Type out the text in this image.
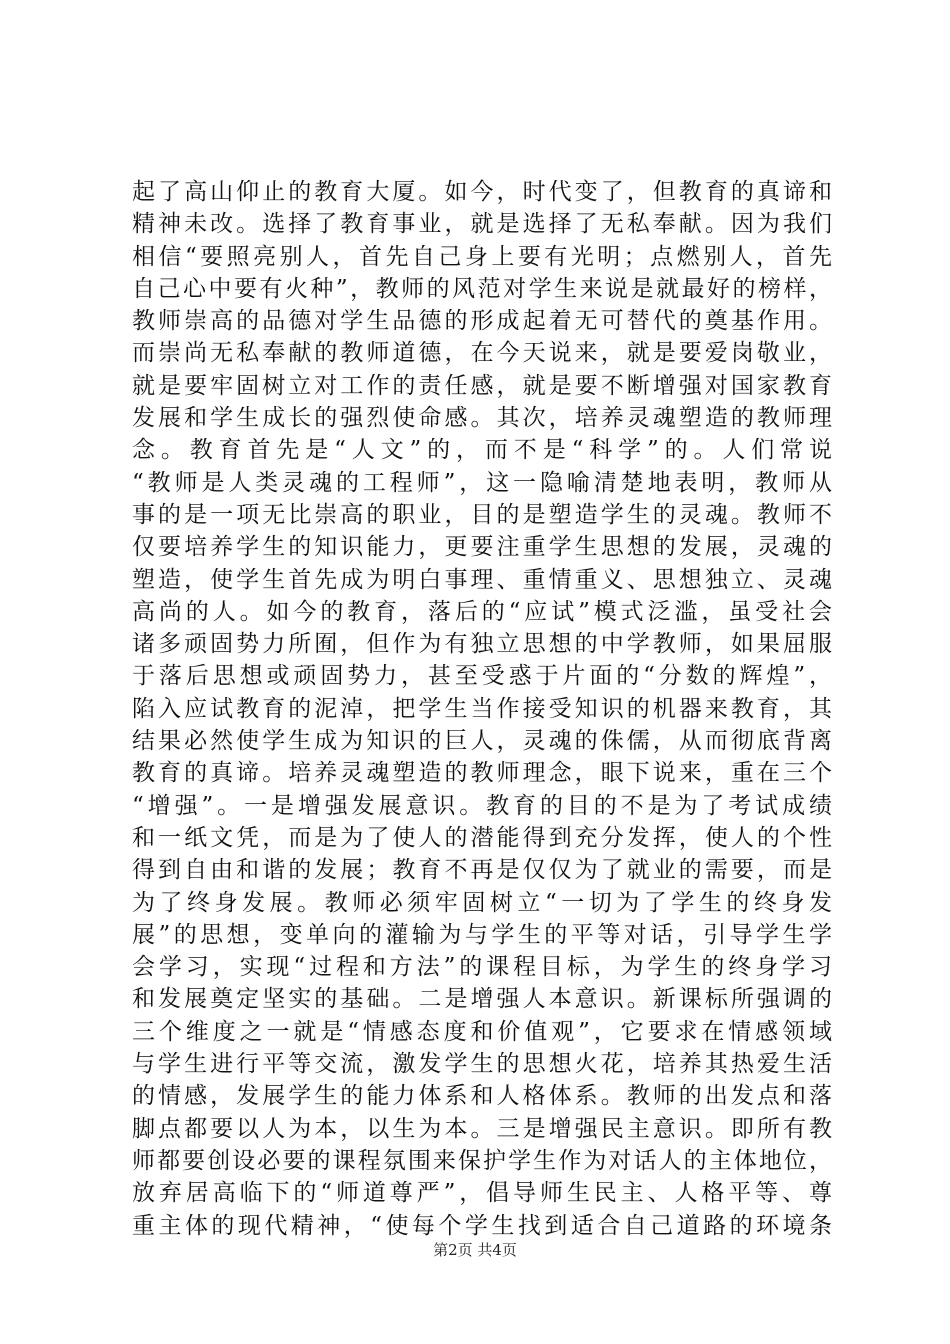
起了高山仰止的教育大厦。如今，时代变了，但教育的真谛和
精神未改。选择了教育事业，就是选择了无私奉献。因为我们
相信“要照亮别人，首先自己身上要有光明；点燃别人，首先
自己心中要有火种”，教师的风范对学生来说是就最好的榜样，
教师崇高的品德对学生品德的形成起着无可替代的奠基作用。
而崇尚无私奉献的教师道德，在今天说来，就是要爱岗敬业，
就是要牢固树立对工作的责任感，就是要不断增强对国家教育
发展和学生成长的强烈使命感。其次，培养灵魂塑造的教师理
念。教育首先是“人文”的，而不是“科学”的。人们常说
“教师是人类灵魂的工程师”，这一隐喻清楚地表明，教师从
事的是一项无比崇高的职业，目的是塑造学生的灵魂。教师不
仅要培养学生的知识能力，更要注重学生思想的发展，灵魂的
塑造，使学生首先成为明白事理、重情重义、思想独立、灵魂
高尚的人。如今的教育，落后的“应试”模式泛滥，虽受社会
诸多顽固势力所囿，但作为有独立思想的中学教师，如果屈服
于落后思想或顽固势力，甚至受惑于片面的“分数的辉煌”，
陷入应试教育的泥淖，把学生当作接受知识的机器来教育，其
结果必然使学生成为知识的巨人，灵魂的侏儒，从而彻底背离
教育的真谛。培养灵魂塑造的教师理念，眼下说来，重在三个
“增强”。一是增强发展意识。教育的目的不是为了考试成绩
和一纸文凭，而是为了使人的潜能得到充分发挥，使人的个性
得到自由和谐的发展；教育不再是仅仅为了就业的需要，而是
为了终身发展。教师必须牢固树立“一切为了学生的终身发
展”的思想，变单向的灌输为与学生的平等对话，引导学生学
会学习，实现“过程和方法”的课程目标，为学生的终身学习
和发展奠定坚实的基础。二是增强人本意识。新课标所强调的
三个维度之一就是“情感态度和价值观”，它要求在情感领域
与学生进行平等交流，激发学生的思想火花，培养其热爱生活
的情感，发展学生的能力体系和人格体系。教师的出发点和落
脚点都要以人为本，以生为本。三是增强民主意识。即所有教
师都要创设必要的课程氛围来保护学生作为对话人的主体地位，
放弃居高临下的“师道尊严”，倡导师生民主、人格平等、尊
重主体的现代精神，“使每个学生找到适合自己道路的环境条
第2页 共4页
